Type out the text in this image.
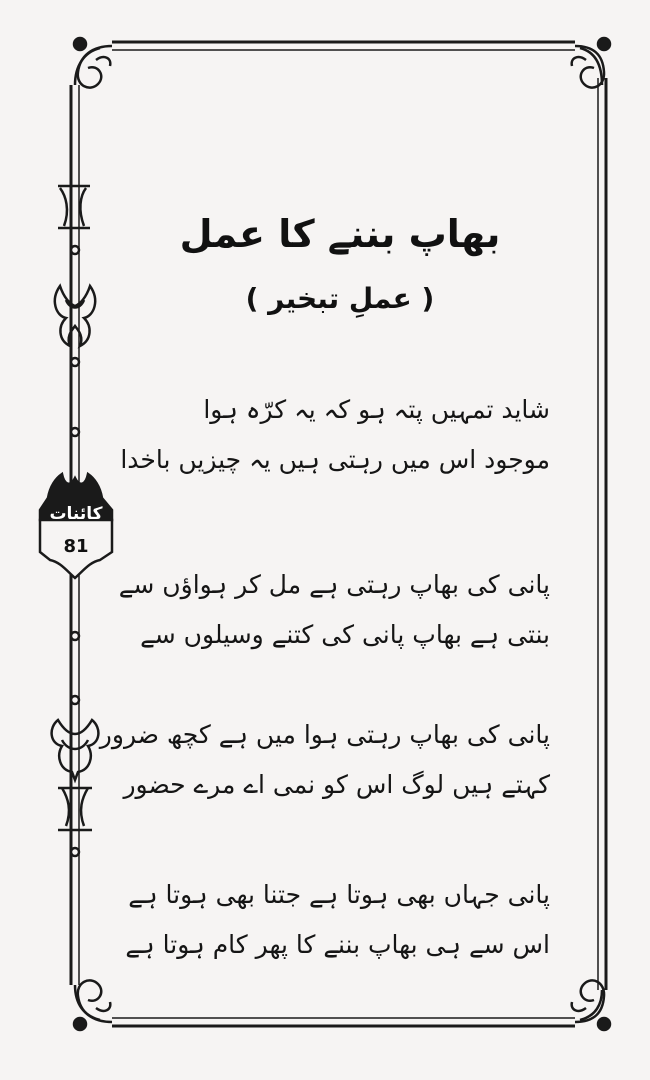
بھاپ بننے کا عمل
( عملِ تبخیر )
کائنات
81
شاید تمہیں پتہ ہو کہ یہ کرّہ ہوا
موجود اس میں رہتی ہیں یہ چیزیں باخدا
پانی کی بھاپ رہتی ہے مل کر ہواؤں سے
بنتی ہے بھاپ پانی کی کتنے وسیلوں سے
پانی کی بھاپ رہتی ہوا میں ہے کچھ ضرور
کہتے ہیں لوگ اس کو نمی اے مرے حضور
پانی جہاں بھی ہوتا ہے جتنا بھی ہوتا ہے
اس سے ہی بھاپ بننے کا پھر کام ہوتا ہے
